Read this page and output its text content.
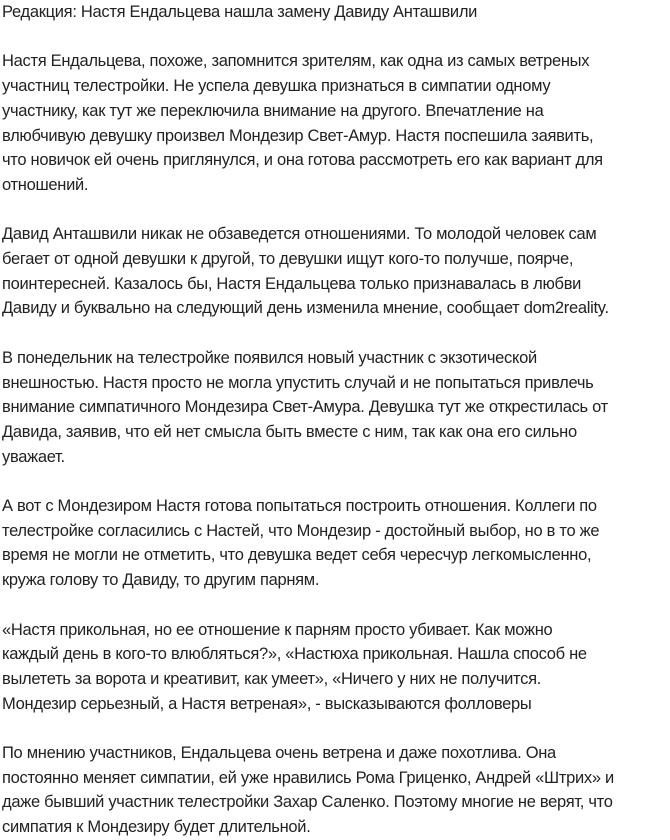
Редакция: Настя Ендальцева нашла замену Давиду Анташвили
Настя Ендальцева, похоже, запомнится зрителям, как одна из самых ветреных
участниц телестройки. Не успела девушка признаться в симпатии одному
участнику, как тут же переключила внимание на другого. Впечатление на
влюбчивую девушку произвел Мондезир Свет-Амур. Настя поспешила заявить,
что новичок ей очень приглянулся, и она готова рассмотреть его как вариант для
отношений.
Давид Анташвили никак не обзаведется отношениями. То молодой человек сам
бегает от одной девушки к другой, то девушки ищут кого-то получше, поярче,
поинтересней. Казалось бы, Настя Ендальцева только признавалась в любви
Давиду и буквально на следующий день изменила мнение, сообщает dom2reality.
В понедельник на телестройке появился новый участник с экзотической
внешностью. Настя просто не могла упустить случай и не попытаться привлечь
внимание симпатичного Мондезира Свет-Амура. Девушка тут же открестилась от
Давида, заявив, что ей нет смысла быть вместе с ним, так как она его сильно
уважает.
А вот с Мондезиром Настя готова попытаться построить отношения. Коллеги по
телестройке согласились с Настей, что Мондезир - достойный выбор, но в то же
время не могли не отметить, что девушка ведет себя чересчур легкомысленно,
кружа голову то Давиду, то другим парням.
«Настя прикольная, но ее отношение к парням просто убивает. Как можно
каждый день в кого-то влюбляться?», «Настюха прикольная. Нашла способ не
вылететь за ворота и креативит, как умеет», «Ничего у них не получится.
Мондезир серьезный, а Настя ветреная», - высказываются фолловеры
По мнению участников, Ендальцева очень ветрена и даже похотлива. Она
постоянно меняет симпатии, ей уже нравились Рома Гриценко, Андрей «Штрих» и
даже бывший участник телестройки Захар Саленко. Поэтому многие не верят, что
симпатия к Мондезиру будет длительной.
